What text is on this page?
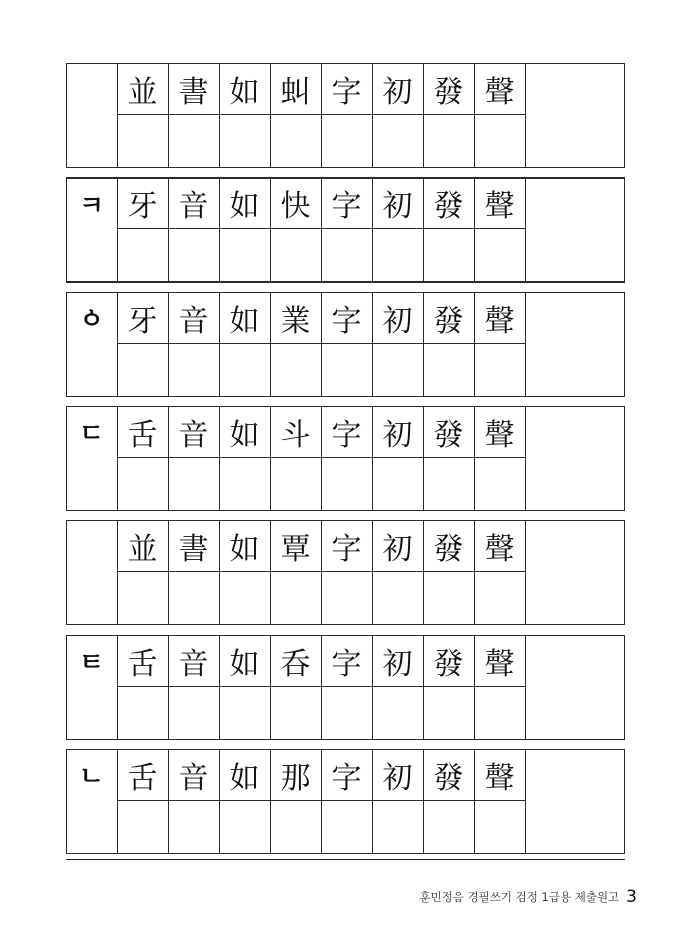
並 書 如 虯 字 初 發 聲
ㅋ 牙 音 如 快 字 初 發 聲
ㆁ 牙 音 如 業 字 初 發 聲
ㄷ 舌 音 如 斗 字 初 發 聲
並 書 如 覃 字 初 發 聲
ㅌ 舌 音 如 呑 字 初 發 聲
ㄴ 舌 音 如 那 字 初 發 聲
훈민정음 경필쓰기 검정 1급용 제출원고 3
